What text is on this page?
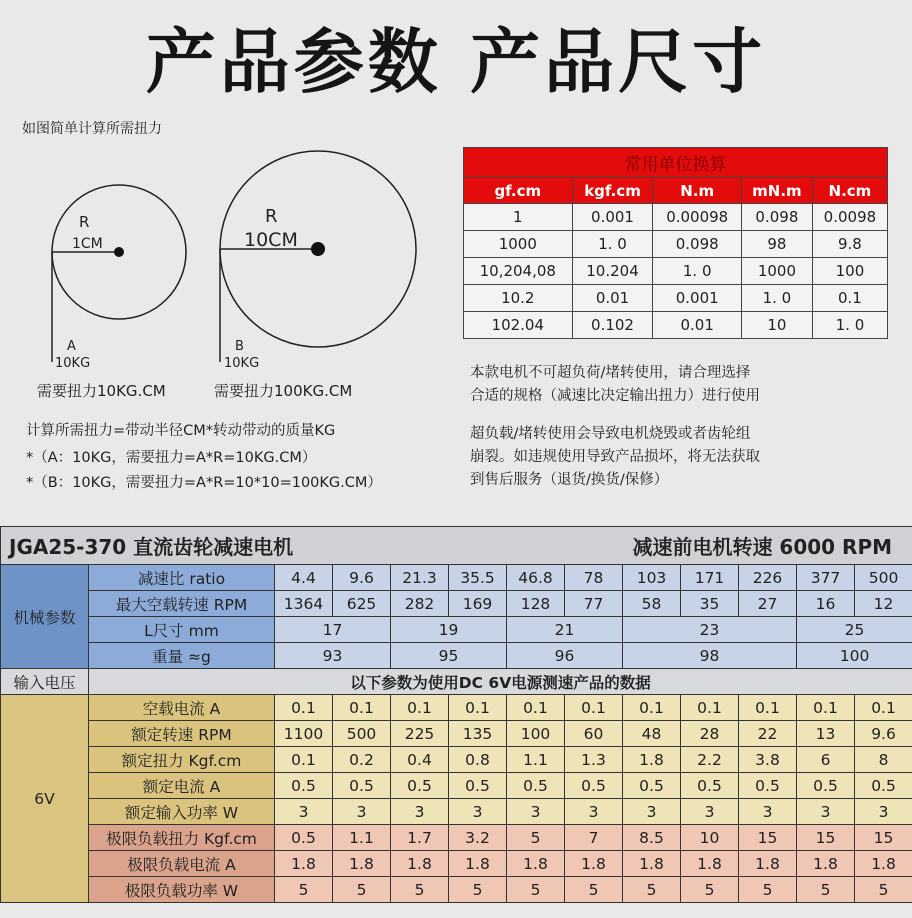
产品参数 产品尺寸
如图简单计算所需扭力
R
1CM
A
10KG
需要扭力10KG.CM
R
10CM
B
10KG
需要扭力100KG.CM
计算所需扭力=带动半径CM*转动带动的质量KG
*（A：10KG，需要扭力=A*R=10KG.CM）
*（B：10KG，需要扭力=A*R=10*10=100KG.CM）
常用单位换算				
gf.cm	kgf.cm	N.m	mN.m	N.cm
1	0.001	0.00098	0.098	0.0098
1000	1. 0	0.098	98	9.8
10,204,08	10.204	1. 0	1000	100
10.2	0.01	0.001	1. 0	0.1
102.04	0.102	0.01	10	1. 0
本款电机不可超负荷/堵转使用，请合理选择
合适的规格（减速比决定输出扭力）进行使用
超负载/堵转使用会导致电机烧毁或者齿轮组
崩裂。如违规使用导致产品损坏，将无法获取
到售后服务（退货/换货/保修）
JGA25-370 直流齿轮减速电机							减速前电机转速 6000 RPM					
机械参数	减速比 ratio	4.4	9.6	21.3	35.5	46.8	78	103	171	226	377	500
	最大空载转速 RPM	1364	625	282	169	128	77	58	35	27	16	12
	L尺寸 mm	17		19		21		23			25	
	重量 ≈g	93		95		96		98			100	
输入电压	以下参数为使用DC 6V电源测速产品的数据											
6V	空载电流 A	0.1	0.1	0.1	0.1	0.1	0.1	0.1	0.1	0.1	0.1	0.1
	额定转速 RPM	1100	500	225	135	100	60	48	28	22	13	9.6
	额定扭力 Kgf.cm	0.1	0.2	0.4	0.8	1.1	1.3	1.8	2.2	3.8	6	8
	额定电流 A	0.5	0.5	0.5	0.5	0.5	0.5	0.5	0.5	0.5	0.5	0.5
	额定输入功率 W	3	3	3	3	3	3	3	3	3	3	3
	极限负载扭力 Kgf.cm	0.5	1.1	1.7	3.2	5	7	8.5	10	15	15	15
	极限负载电流 A	1.8	1.8	1.8	1.8	1.8	1.8	1.8	1.8	1.8	1.8	1.8
	极限负载功率 W	5	5	5	5	5	5	5	5	5	5	5
